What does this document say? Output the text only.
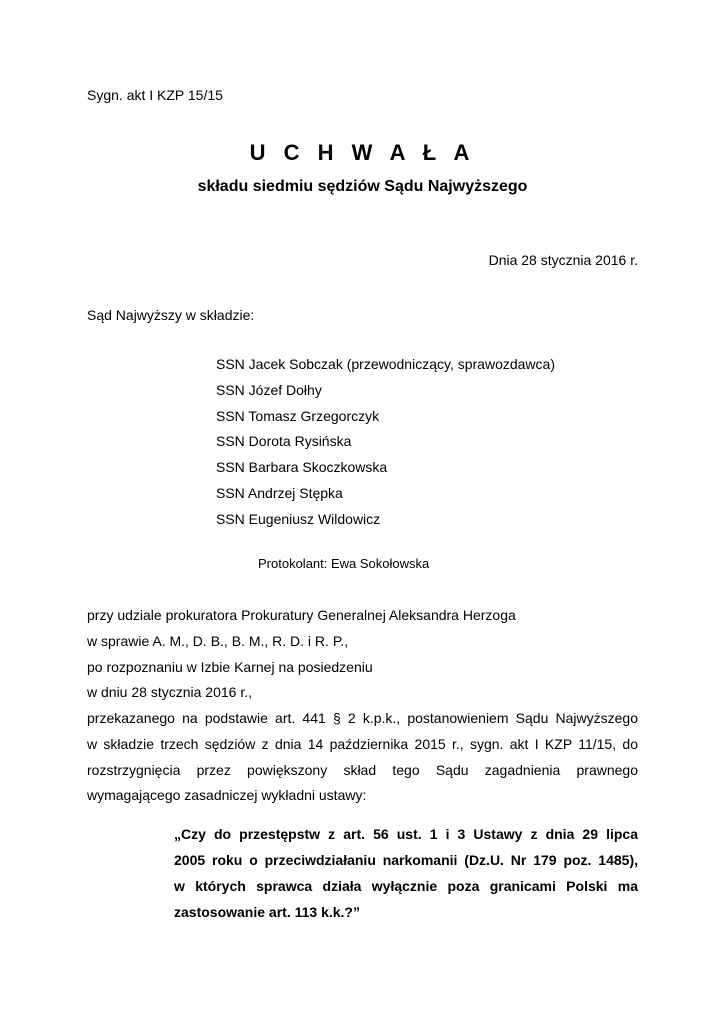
Sygn. akt I KZP 15/15
U C H W A Ł A
składu siedmiu sędziów Sądu Najwyższego
Dnia 28 stycznia 2016 r.
Sąd Najwyższy w składzie:
SSN Jacek Sobczak (przewodniczący, sprawozdawca)
SSN Józef Dołhy
SSN Tomasz Grzegorczyk
SSN Dorota Rysińska
SSN Barbara Skoczkowska
SSN Andrzej Stępka
SSN Eugeniusz Wildowicz
Protokolant: Ewa Sokołowska
przy udziale prokuratora Prokuratury Generalnej Aleksandra Herzoga
w sprawie A. M., D. B., B. M., R. D. i R. P.,
po rozpoznaniu w Izbie Karnej na posiedzeniu
w dniu 28 stycznia 2016 r.,
przekazanego na podstawie art. 441 § 2 k.p.k., postanowieniem Sądu Najwyższego
w składzie trzech sędziów z dnia 14 października 2015 r., sygn. akt I KZP 11/15, do
rozstrzygnięcia przez powiększony skład tego Sądu zagadnienia prawnego
wymagającego zasadniczej wykładni ustawy:
„Czy do przestępstw z art. 56 ust. 1 i 3 Ustawy z dnia 29 lipca
2005 roku o przeciwdziałaniu narkomanii (Dz.U. Nr 179 poz. 1485),
w których sprawca działa wyłącznie poza granicami Polski ma
zastosowanie art. 113 k.k.?”
